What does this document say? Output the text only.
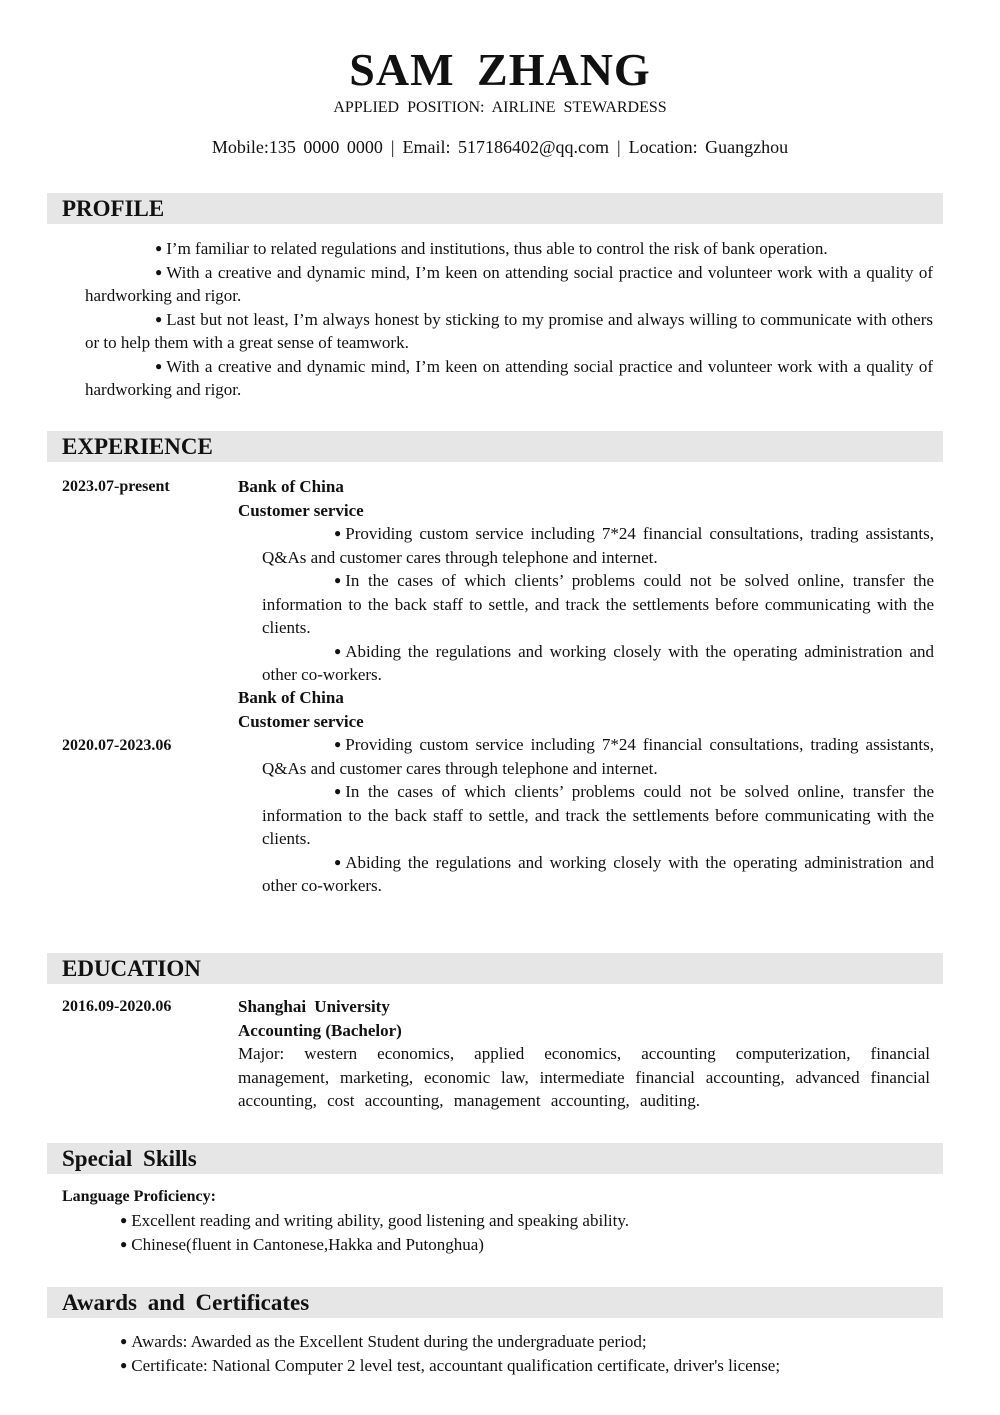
SAM ZHANG
APPLIED POSITION: AIRLINE STEWARDESS
Mobile:135 0000 0000 | Email: 517186402@qq.com | Location: Guangzhou
PROFILE

● I’m familiar to related regulations and institutions, thus able to control the risk of bank operation.

● With a creative and dynamic mind, I’m keen on attending social practice and volunteer work with a quality of hardworking and rigor.

● Last but not least, I’m always honest by sticking to my promise and always willing to communicate with others or to help them with a great sense of teamwork.

● With a creative and dynamic mind, I’m keen on attending social practice and volunteer work with a quality of hardworking and rigor.

EXPERIENCE
2023.07-present	Bank of China
Customer service

● Providing custom service including 7*24 financial consultations, trading assistants, Q&As and customer cares through telephone and internet.

● In the cases of which clients’ problems could not be solved online, transfer the information to the back staff to settle, and track the settlements before communicating with the clients.

● Abiding the regulations and working closely with the operating administration and other co-workers.

2020.07-2023.06
Bank of China
Customer service

● Providing custom service including 7*24 financial consultations, trading assistants, Q&As and customer cares through telephone and internet.

● In the cases of which clients’ problems could not be solved online, transfer the information to the back staff to settle, and track the settlements before communicating with the clients.

● Abiding the regulations and working closely with the operating administration and other co-workers.

EDUCATION
2016.09-2020.06	Shanghai University
Accounting (Bachelor)
Major: western economics, applied economics, accounting computerization, financial management, marketing, economic law, intermediate financial accounting, advanced financial accounting, cost accounting, management accounting, auditing.
Special Skills
Language Proficiency:

● Excellent reading and writing ability, good listening and speaking ability.

● Chinese(fluent in Cantonese,Hakka and Putonghua)

Awards and Certificates

● Awards: Awarded as the Excellent Student during the undergraduate period;

● Certificate: National Computer 2 level test, accountant qualification certificate, driver's license;
